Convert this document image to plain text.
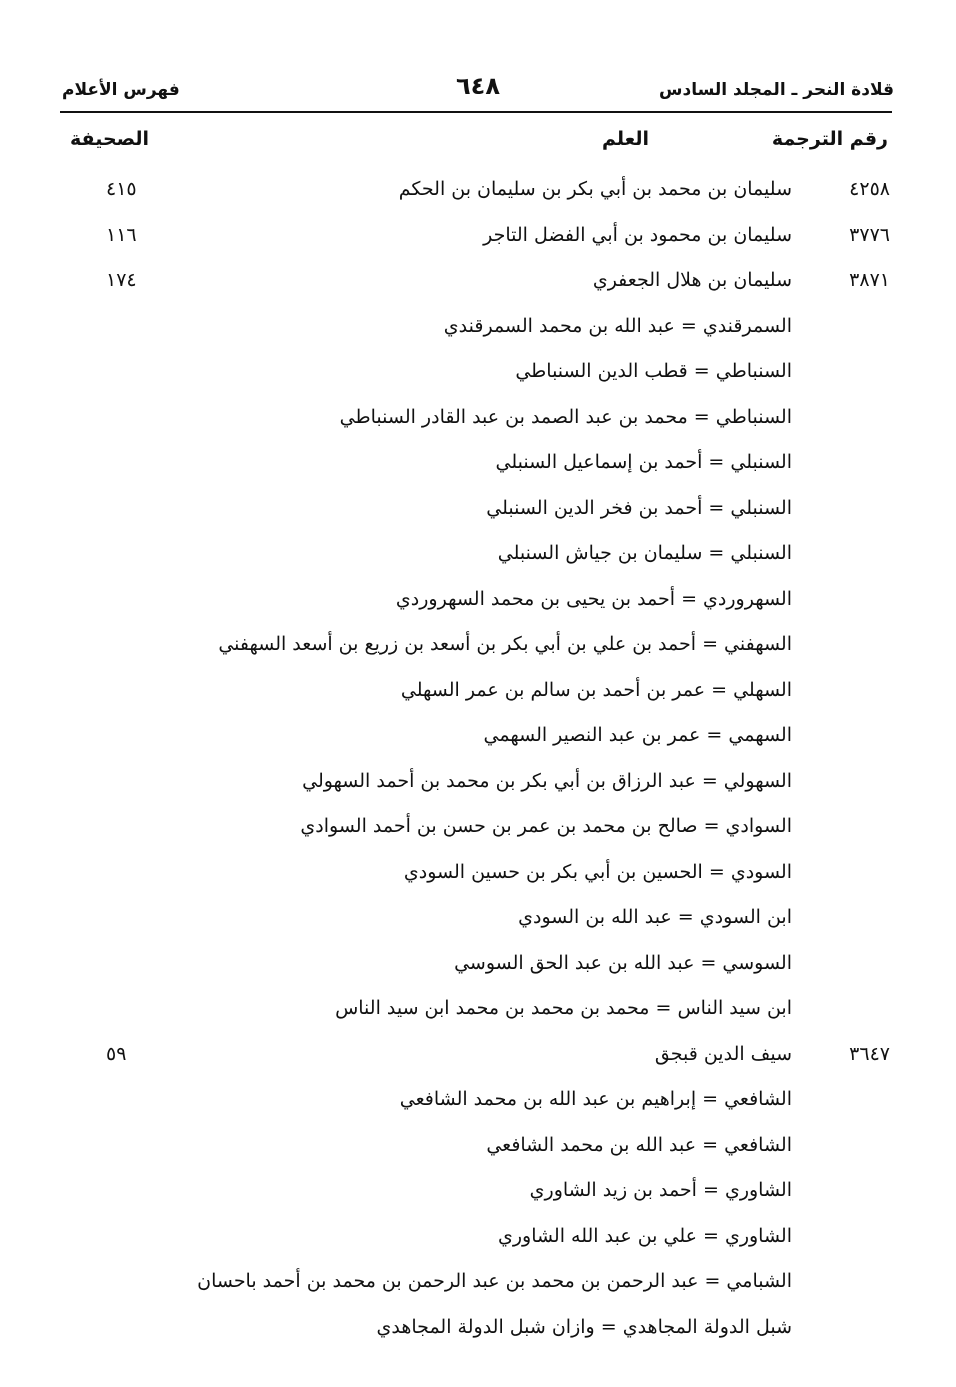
قلادة النحر ـ المجلد السادس
٦٤٨
فهرس الأعلام
رقم الترجمة
العلم
الصحيفة
٤٢٥٨
سليمان بن محمد بن أبي بكر بن سليمان بن الحكم
٤١٥
٣٧٧٦
سليمان بن محمود بن أبي الفضل التاجر
١١٦
٣٨٧١
سليمان بن هلال الجعفري
١٧٤
السمرقندي = عبد الله بن محمد السمرقندي
السنباطي = قطب الدين السنباطي
السنباطي = محمد بن عبد الصمد بن عبد القادر السنباطي
السنبلي = أحمد بن إسماعيل السنبلي
السنبلي = أحمد بن فخر الدين السنبلي
السنبلي = سليمان بن جياش السنبلي
السهروردي = أحمد بن يحيى بن محمد السهروردي
السهفني = أحمد بن علي بن أبي بكر بن أسعد بن زريع بن أسعد السهفني
السهلي = عمر بن أحمد بن سالم بن عمر السهلي
السهمي = عمر بن عبد النصير السهمي
السهولي = عبد الرزاق بن أبي بكر بن محمد بن أحمد السهولي
السوادي = صالح بن محمد بن عمر بن حسن بن أحمد السوادي
السودي = الحسين بن أبي بكر بن حسين السودي
ابن السودي = عبد الله بن السودي
السوسي = عبد الله بن عبد الحق السوسي
ابن سيد الناس = محمد بن محمد بن محمد ابن سيد الناس
٣٦٤٧
سيف الدين قبجق
٥٩
الشافعي = إبراهيم بن عبد الله بن محمد الشافعي
الشافعي = عبد الله بن محمد الشافعي
الشاوري = أحمد بن زيد الشاوري
الشاوري = علي بن عبد الله الشاوري
الشبامي = عبد الرحمن بن محمد بن عبد الرحمن بن محمد بن أحمد باحسان
شبل الدولة المجاهدي = وازان شبل الدولة المجاهدي
